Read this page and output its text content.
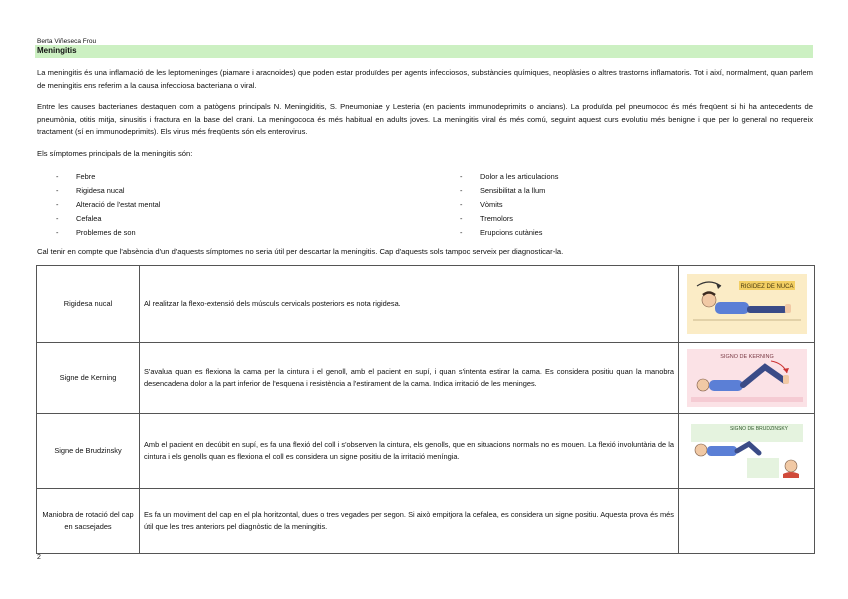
Berta Viñeseca Frou
Meningitis

La meningitis és una inflamació de les leptomeninges (piamare i aracnoides) que poden estar produïdes per agents infecciosos, substàncies químiques, neoplàsies o altres trastorns inflamatoris. Tot i així, normalment, quan parlem de meningitis ens referim a la causa infecciosa bacteriana o viral.

Entre les causes bacterianes destaquen com a patògens principals N. Meningiditis, S. Pneumoniae y Lesteria (en pacients immunodeprimits o ancians). La produïda pel pneumococ és més freqüent si hi ha antecedents de pneumònia, otitis mitja, sinusitis i fractura en la base del crani. La meningococa és més habitual en adults joves. La meningitis viral és més comú, seguint aquest curs evolutiu més benigne i que per lo general no requereix tractament (sí en immunodeprimits). Els virus més freqüents són els enterovirus.

Els símptomes principals de la meningitis són:

- Febre
- Rigidesa nucal
- Alteració de l'estat mental
- Cefalea
- Problemes de son
- Dolor a les articulacions
- Sensibilitat a la llum
- Vòmits
- Tremolors
- Erupcions cutànies

Cal tenir en compte que l'absència d'un d'aquests símptomes no seria útil per descartar la meningitis. Cap d'aquests sols tampoc serveix per diagnosticar-la.

Rigidesa nucal	Al realitzar la flexo-extensió dels músculs cervicals posteriors es nota rigidesa.	RIGIDEZ DE NUCA

Signe de Kerning	S'avalua quan es flexiona la cama per la cintura i el genoll, amb el pacient en supí, i quan s'intenta estirar la cama. Es considera positiu quan la manobra desencadena dolor a la part inferior de l'esquena i resistència a l'estirament de la cama. Indica irritació de les meninges.	SIGNO DE KERNING

Signe de Brudzinsky	Amb el pacient en decúbit en supí, es fa una flexió del coll i s'observen la cintura, els genolls, que en situacions normals no es mouen. La flexió involuntària de la cintura i els genolls quan es flexiona el coll es considera un signe positiu de la irritació meníngia.	SIGNO DE BRUDZINSKY

Maniobra de rotació del cap en sacsejades	Es fa un moviment del cap en el pla horitzontal, dues o tres vegades per segon. Si això empitjora la cefalea, es considera un signe positiu. Aquesta prova és més útil que les tres anteriors pel diagnòstic de la meningitis.	
2
